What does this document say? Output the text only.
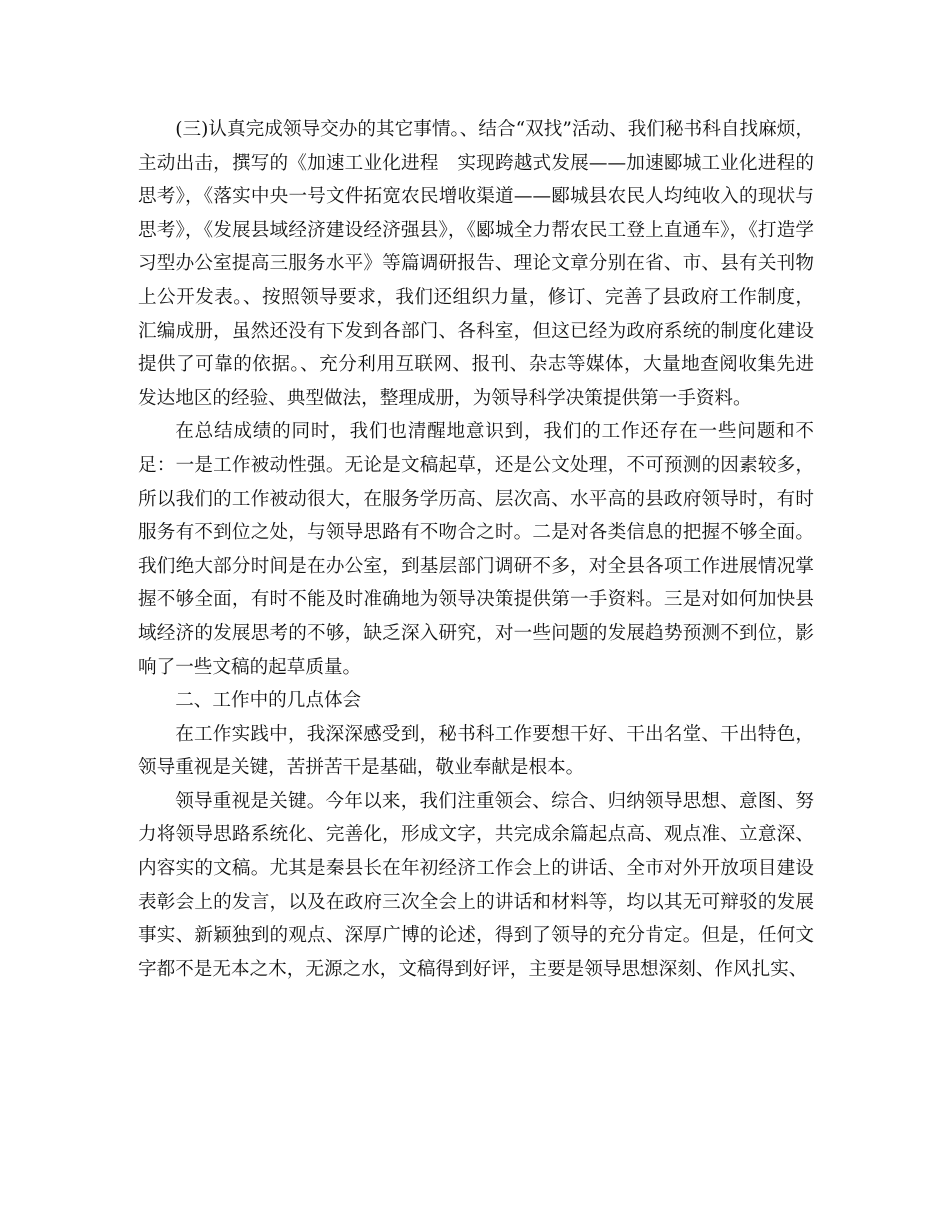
(三)认真完成领导交办的其它事情。、结合“双找”活动、我们秘书科自找麻烦，主动出击，撰写的《加速工业化进程　实现跨越式发展——加速郾城工业化进程的思考》，《落实中央一号文件拓宽农民增收渠道——郾城县农民人均纯收入的现状与思考》，《发展县域经济建设经济强县》，《郾城全力帮农民工登上直通车》，《打造学习型办公室提高三服务水平》等篇调研报告、理论文章分别在省、市、县有关刊物上公开发表。、按照领导要求，我们还组织力量，修订、完善了县政府工作制度，汇编成册，虽然还没有下发到各部门、各科室，但这已经为政府系统的制度化建设提供了可靠的依据。、充分利用互联网、报刊、杂志等媒体，大量地查阅收集先进发达地区的经验、典型做法，整理成册，为领导科学决策提供第一手资料。

在总结成绩的同时，我们也清醒地意识到，我们的工作还存在一些问题和不足：一是工作被动性强。无论是文稿起草，还是公文处理，不可预测的因素较多，所以我们的工作被动很大，在服务学历高、层次高、水平高的县政府领导时，有时服务有不到位之处，与领导思路有不吻合之时。二是对各类信息的把握不够全面。我们绝大部分时间是在办公室，到基层部门调研不多，对全县各项工作进展情况掌握不够全面，有时不能及时准确地为领导决策提供第一手资料。三是对如何加快县域经济的发展思考的不够，缺乏深入研究，对一些问题的发展趋势预测不到位，影响了一些文稿的起草质量。

二、工作中的几点体会

在工作实践中，我深深感受到，秘书科工作要想干好、干出名堂、干出特色，领导重视是关键，苦拼苦干是基础，敬业奉献是根本。

领导重视是关键。今年以来，我们注重领会、综合、归纳领导思想、意图、努力将领导思路系统化、完善化，形成文字，共完成余篇起点高、观点准、立意深、内容实的文稿。尤其是秦县长在年初经济工作会上的讲话、全市对外开放项目建设表彰会上的发言，以及在政府三次全会上的讲话和材料等，均以其无可辩驳的发展事实、新颖独到的观点、深厚广博的论述，得到了领导的充分肯定。但是，任何文字都不是无本之木，无源之水，文稿得到好评，主要是领导思想深刻、作风扎实、
